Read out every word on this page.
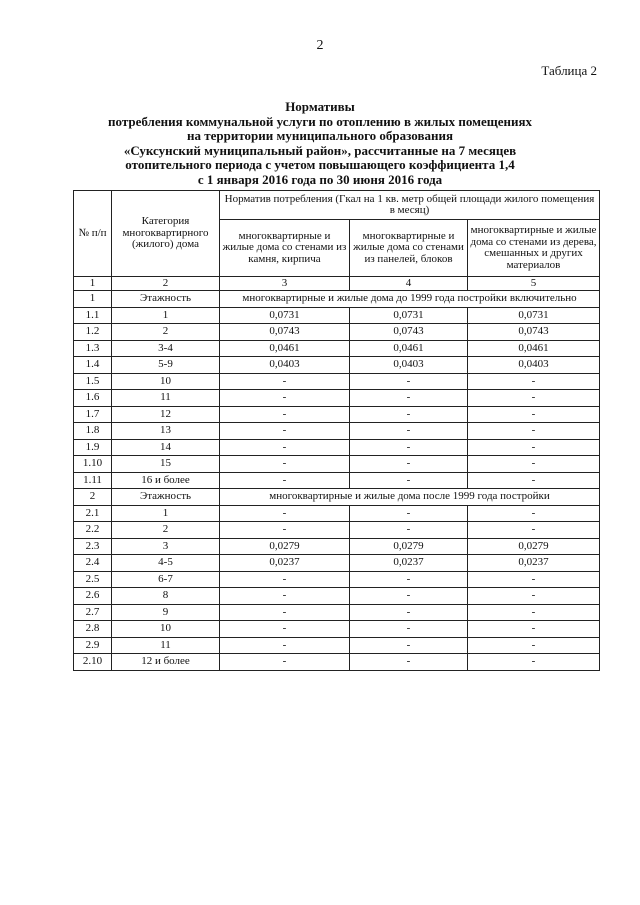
2
Таблица 2
Нормативы
потребления коммунальной услуги по отоплению в жилых помещениях
на территории муниципального образования
«Суксунский муниципальный район», рассчитанные на 7 месяцев
отопительного периода с учетом повышающего коэффициента 1,4
с 1 января 2016 года по 30 июня 2016 года
№ п/п	Категория многоквартирного (жилого) дома	Норматив потребления (Гкал на 1 кв. метр общей площади жилого помещения в месяц)		
		многоквартирные и жилые дома со стенами из камня, кирпича	многоквартирные и жилые дома со стенами из панелей, блоков	многоквартирные и жилые дома со стенами из дерева, смешанных и других материалов
1	2	3	4	5
1	Этажность	многоквартирные и жилые дома до 1999 года постройки включительно		
1.1	1	0,0731	0,0731	0,0731
1.2	2	0,0743	0,0743	0,0743
1.3	3-4	0,0461	0,0461	0,0461
1.4	5-9	0,0403	0,0403	0,0403
1.5	10	-	-	-
1.6	11	-	-	-
1.7	12	-	-	-
1.8	13	-	-	-
1.9	14	-	-	-
1.10	15	-	-	-
1.11	16 и более	-	-	-
2	Этажность	многоквартирные и жилые дома после 1999 года постройки		
2.1	1	-	-	-
2.2	2	-	-	-
2.3	3	0,0279	0,0279	0,0279
2.4	4-5	0,0237	0,0237	0,0237
2.5	6-7	-	-	-
2.6	8	-	-	-
2.7	9	-	-	-
2.8	10	-	-	-
2.9	11	-	-	-
2.10	12 и более	-	-	-
